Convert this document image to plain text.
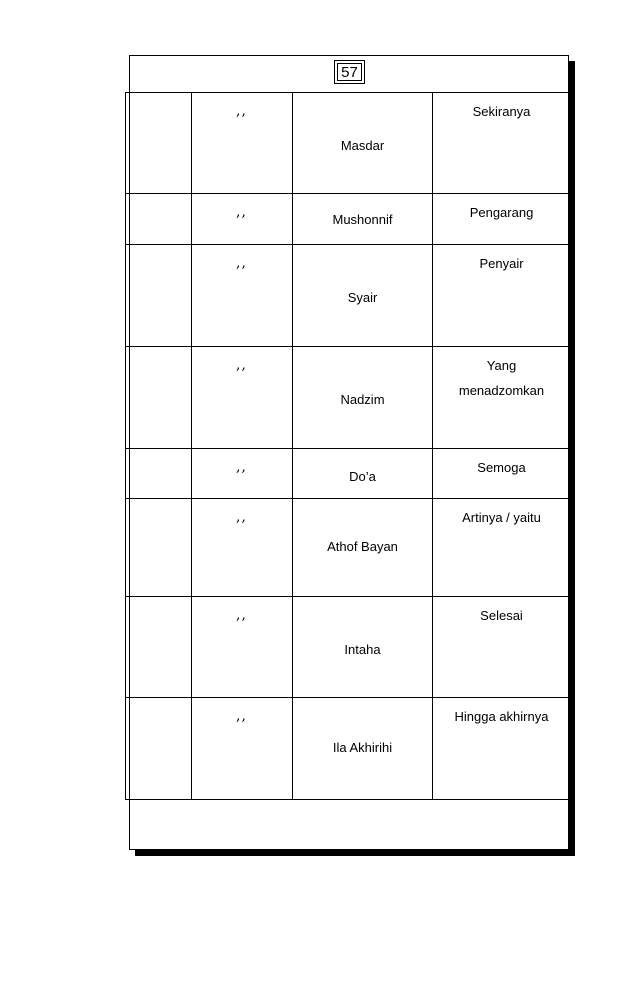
57

	,,	Masdar	Sekiranya

	,,	Mushonnif	Pengarang

	,,	Syair	Penyair

	,,	Nadzim	Yang menadzomkan

	,,	Do’a	Semoga

	,,	Athof Bayan	Artinya / yaitu

	,,	Intaha	Selesai

	,,	Ila Akhirihi	Hingga akhirnya
